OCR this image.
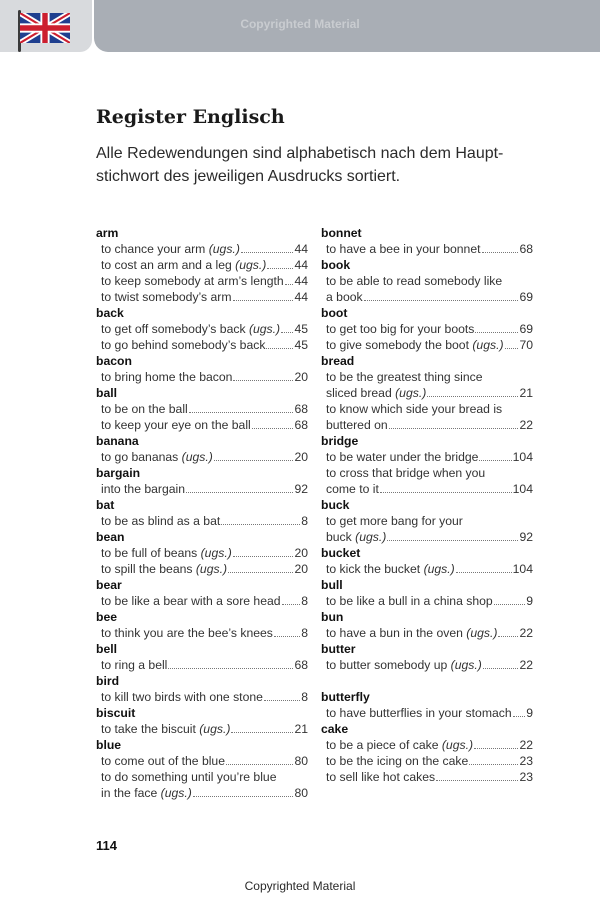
Copyrighted Material
Register Englisch
Alle Redewendungen sind alphabetisch nach dem Haupt-stichwort des jeweiligen Ausdrucks sortiert.
arm
to chance your arm (ugs.)	44
to cost an arm and a leg (ugs.) 44
to keep somebody at arm’s length 44
to twist somebody’s arm	44
back
to get off somebody’s back (ugs.) 45
to go behind somebody’s back 45
bacon
to bring home the bacon	20
ball
to be on the ball	68
to keep your eye on the ball	68
banana
to go bananas (ugs.)	20
bargain
into the bargain	92
bat
to be as blind as a bat	8
bean
to be full of beans (ugs.)	20
to spill the beans (ugs.)	20
bear
to be like a bear with a sore head 8
bee
to think you are the bee’s knees 8
bell
to ring a bell	68
bird
to kill two birds with one stone	8
biscuit
to take the biscuit (ugs.)	21
blue
to come out of the blue	80
to do something until you’re blue
in the face (ugs.)	80
bonnet
to have a bee in your bonnet	68
book
to be able to read somebody like
a book	69
boot
to get too big for your boots	69
to give somebody the boot (ugs.) 70
bread
to be the greatest thing since
sliced bread (ugs.)	21
to know which side your bread is
buttered on	22
bridge
to be water under the bridge	104
to cross that bridge when you
come to it	104
buck
to get more bang for your
buck (ugs.)	92
bucket
to kick the bucket (ugs.)	104
bull
to be like a bull in a china shop	9
bun
to have a bun in the oven (ugs.) 22
butter
to butter somebody up (ugs.)	22
butterfly
to have butterflies in your stomach 9
cake
to be a piece of cake (ugs.)	22
to be the icing on the cake	23
to sell like hot cakes	23
114
Copyrighted Material
